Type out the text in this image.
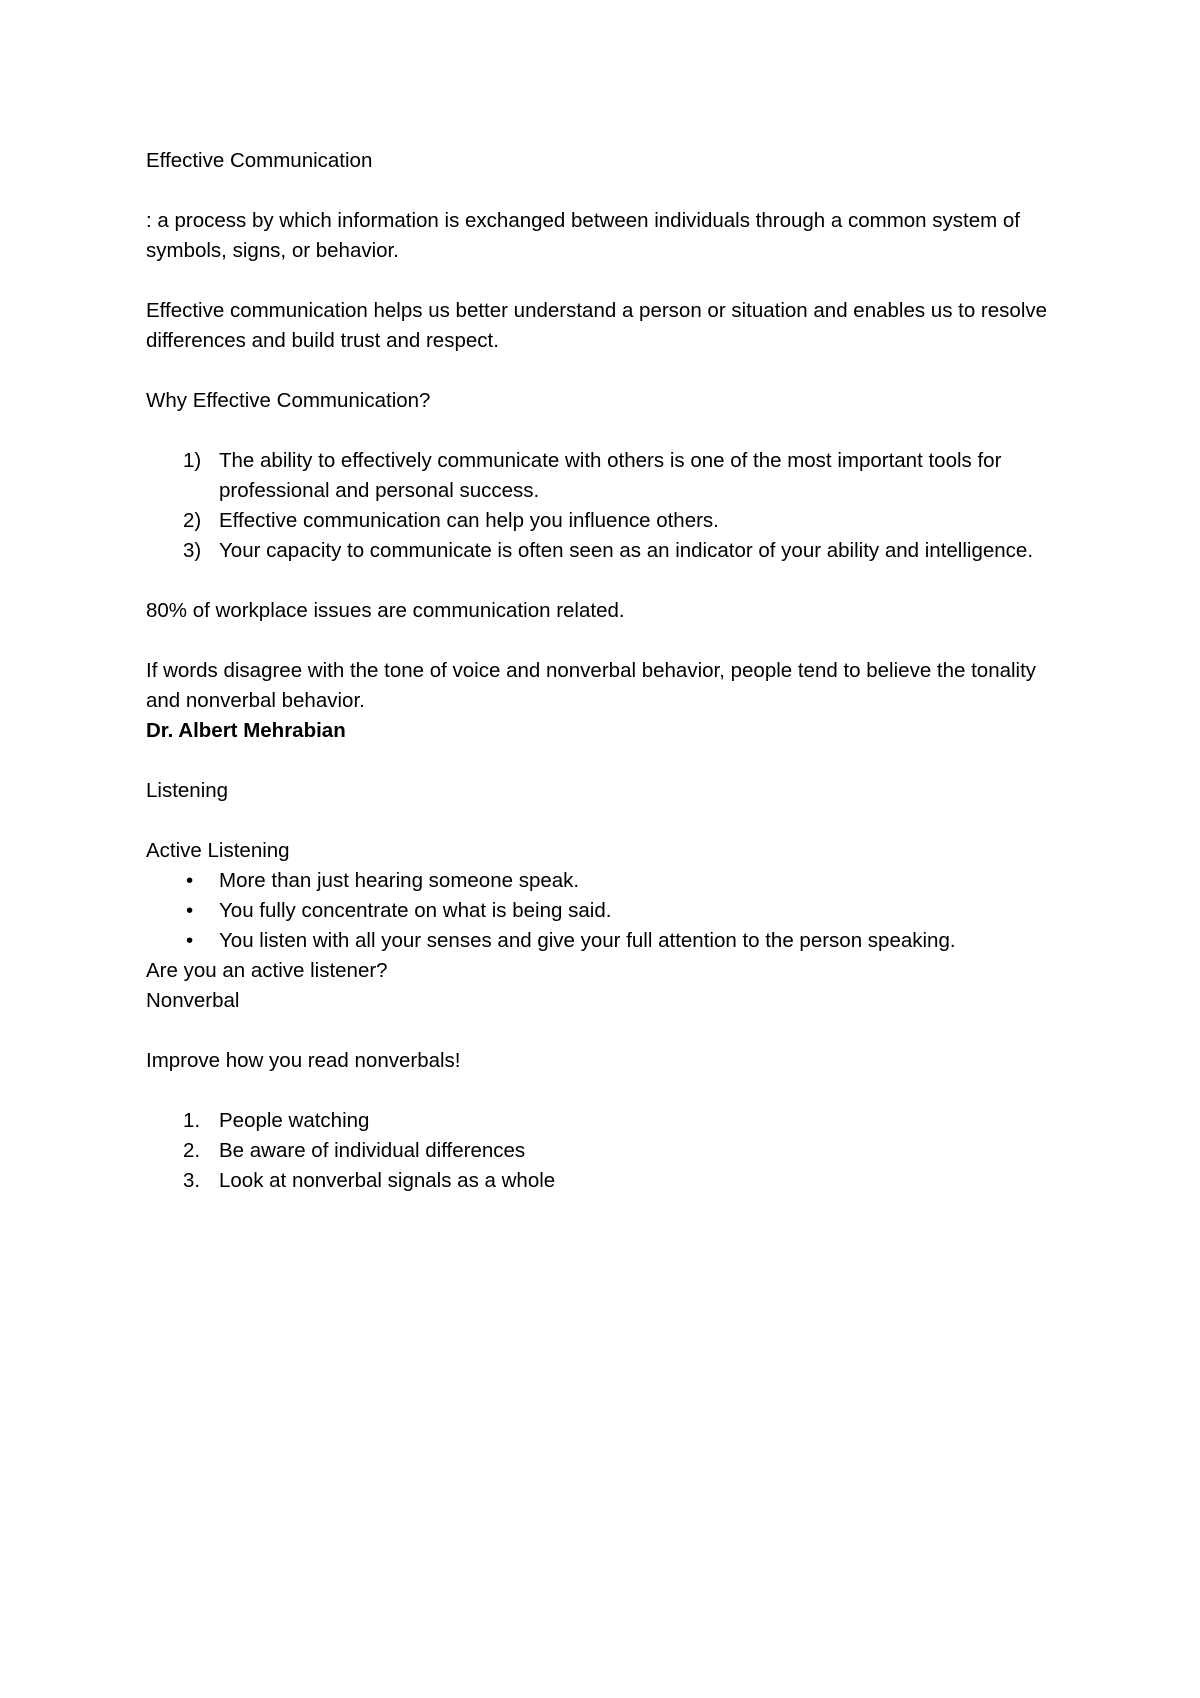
Effective Communication

: a process by which information is exchanged between individuals through a common system of symbols, signs, or behavior.

Effective communication helps us better understand a person or situation and enables us to resolve differences and build trust and respect.

Why Effective Communication?

1) The ability to effectively communicate with others is one of the most important tools for professional and personal success.
2) Effective communication can help you influence others.
3) Your capacity to communicate is often seen as an indicator of your ability and intelligence.

80% of workplace issues are communication related.

If words disagree with the tone of voice and nonverbal behavior, people tend to believe the tonality and nonverbal behavior.

Dr. Albert Mehrabian

Listening

Active Listening

• More than just hearing someone speak.
• You fully concentrate on what is being said.
• You listen with all your senses and give your full attention to the person speaking.

Are you an active listener?

Nonverbal

Improve how you read nonverbals!

1. People watching
2. Be aware of individual differences
3. Look at nonverbal signals as a whole
